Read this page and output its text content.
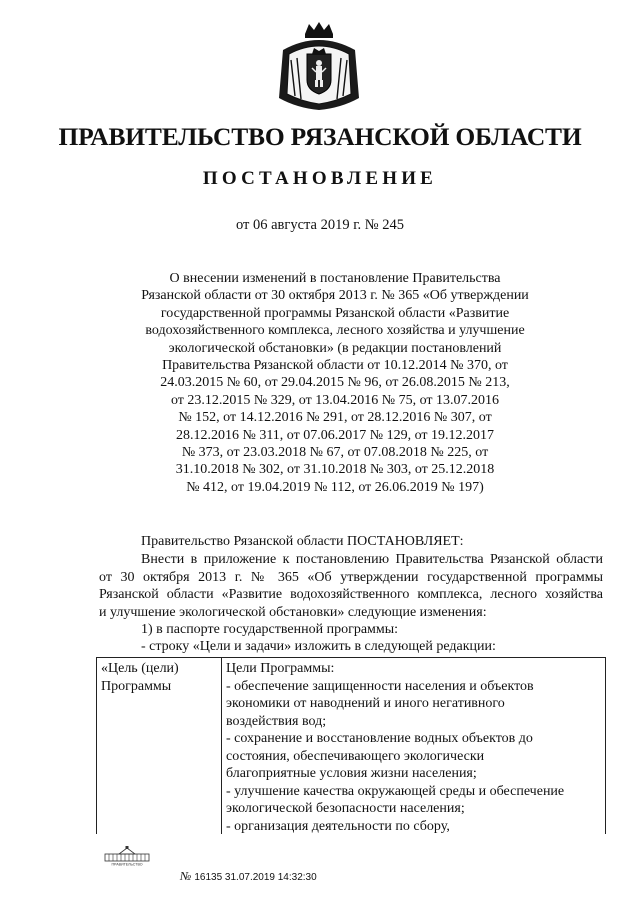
ПРАВИТЕЛЬСТВО РЯЗАНСКОЙ ОБЛАСТИ
ПОСТАНОВЛЕНИЕ
от 06 августа 2019 г. № 245
О внесении изменений в постановление Правительства
Рязанской области от 30 октября 2013 г. № 365 «Об утверждении
государственной программы Рязанской области «Развитие
водохозяйственного комплекса, лесного хозяйства и улучшение
экологической обстановки» (в редакции постановлений
Правительства Рязанской области от 10.12.2014 № 370, от
24.03.2015 № 60, от 29.04.2015 № 96, от 26.08.2015 № 213,
от 23.12.2015 № 329, от 13.04.2016 № 75, от 13.07.2016
№ 152, от 14.12.2016 № 291, от 28.12.2016 № 307, от
28.12.2016 № 311, от 07.06.2017 № 129, от 19.12.2017
№ 373, от 23.03.2018 № 67, от 07.08.2018 № 225, от
31.10.2018 № 302, от 31.10.2018 № 303, от 25.12.2018
№ 412, от 19.04.2019 № 112, от 26.06.2019 № 197)
Правительство Рязанской области ПОСТАНОВЛЯЕТ:
Внести в приложение к постановлению Правительства Рязанской области
от 30 октября 2013 г. № 365 «Об утверждении государственной программы
Рязанской области «Развитие водохозяйственного комплекса, лесного хозяйства
и улучшение экологической обстановки» следующие изменения:
1) в паспорте государственной программы:
- строку «Цели и задачи» изложить в следующей редакции:
«Цель (цели)
Программы
Цели Программы:
- обеспечение защищенности населения и объектов
экономики от наводнений и иного негативного
воздействия вод;
- сохранение и восстановление водных объектов до
состояния, обеспечивающего экологически
благоприятные условия жизни населения;
- улучшение качества окружающей среды и обеспечение
экологической безопасности населения;
- организация деятельности по сбору,
ПРАВИТЕЛЬСТВО
№ 16135 31.07.2019 14:32:30
